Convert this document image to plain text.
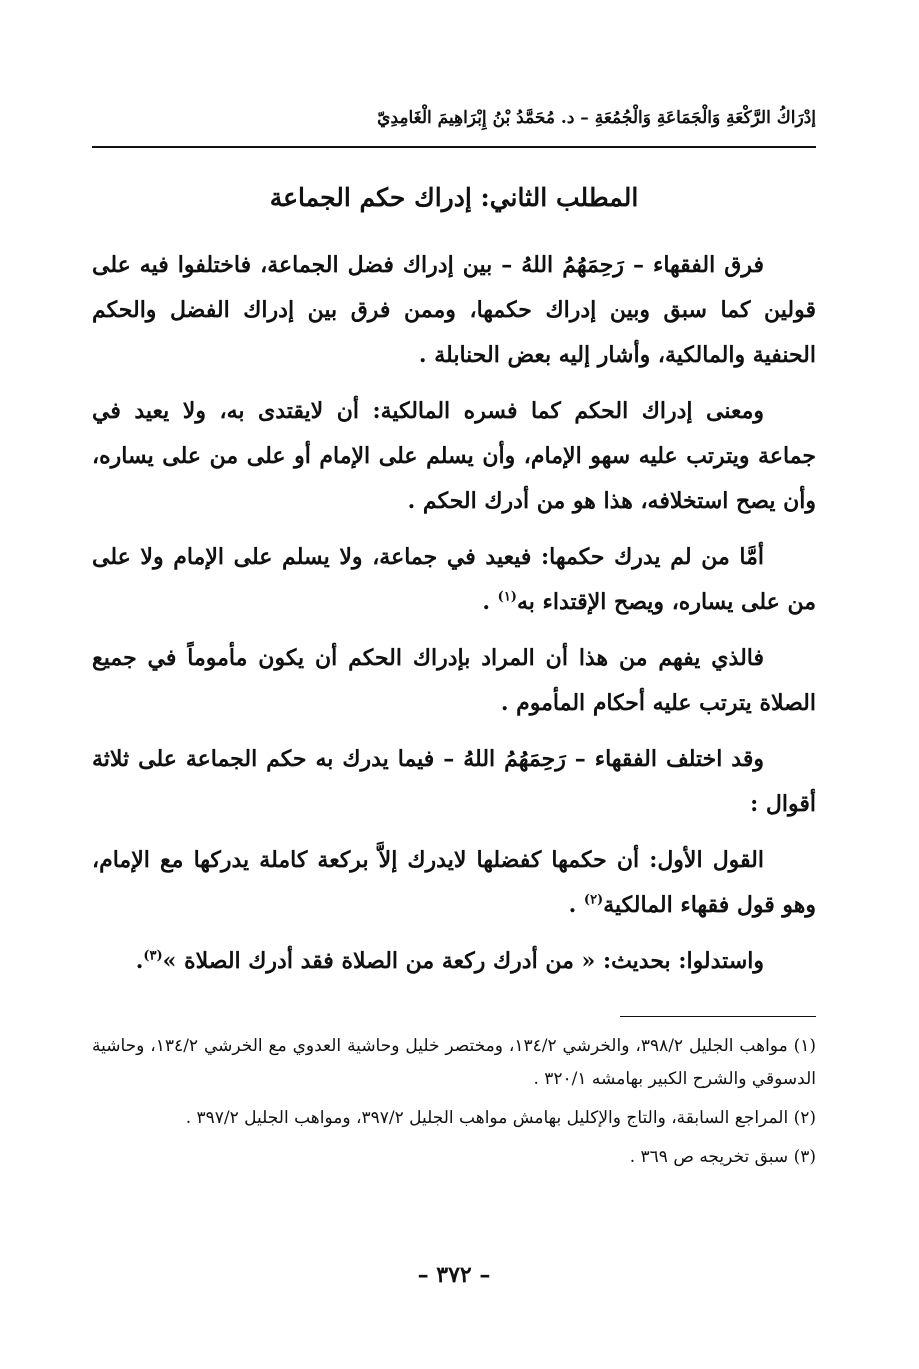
إدْرَاكُ الرَّكْعَةِ وَالْجَمَاعَةِ وَالْجُمُعَةِ – د. مُحَمَّدُ بْنُ إِبْرَاهِيمَ الْغَامِدِيّ
المطلب الثاني: إدراك حكم الجماعة

فرق الفقهاء – رَحِمَهُمُ اللهُ – بين إدراك فضل الجماعة، فاختلفوا فيه على قولين كما سبق وبين إدراك حكمها، وممن فرق بين إدراك الفضل والحكم الحنفية والمالكية، وأشار إليه بعض الحنابلة .

ومعنى إدراك الحكم كما فسره المالكية: أن لايقتدى به، ولا يعيد في جماعة ويترتب عليه سهو الإمام، وأن يسلم على الإمام أو على من على يساره، وأن يصح استخلافه، هذا هو من أدرك الحكم .

أمَّا من لم يدرك حكمها: فيعيد في جماعة، ولا يسلم على الإمام ولا على من على يساره، ويصح الإقتداء به$^{(١)}$ .

فالذي يفهم من هذا أن المراد بإدراك الحكم أن يكون مأموماً في جميع الصلاة يترتب عليه أحكام المأموم .

وقد اختلف الفقهاء – رَحِمَهُمُ اللهُ – فيما يدرك به حكم الجماعة على ثلاثة أقوال :

القول الأول: أن حكمها كفضلها لايدرك إلاَّ بركعة كاملة يدركها مع الإمام، وهو قول فقهاء المالكية$^{(٢)}$ .

واستدلوا: بحديث: « من أدرك ركعة من الصلاة فقد أدرك الصلاة »$^{(٣)}$.

(١) مواهب الجليل ٣٩٨/٢، والخرشي ١٣٤/٢، ومختصر خليل وحاشية العدوي مع الخرشي ١٣٤/٢، وحاشية الدسوقي والشرح الكبير بهامشه ٣٢٠/١ .
(٢) المراجع السابقة، والتاج والإكليل بهامش مواهب الجليل ٣٩٧/٢، ومواهب الجليل ٣٩٧/٢ .
(٣) سبق تخريجه ص ٣٦٩ .
– ٣٧٢ –
